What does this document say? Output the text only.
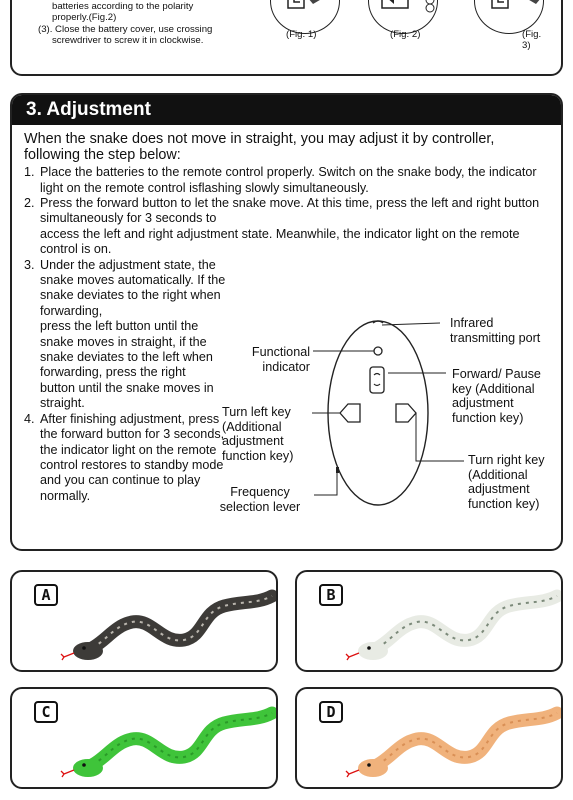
batteries according to the polarity
properly.(Fig.2)
(3). Close the battery cover, use crossing
screwdriver to screw it in clockwise.
(Fig. 1)	(Fig. 2)	(Fig. 3)
3. Adjustment

When the snake does not move in straight, you may adjust it by controller, following the step below:

1. Place the batteries to the remote control properly. Switch on the snake body, the indicator light on the remote control isflashing slowly simultaneously.
2. Press the forward button to let the snake move. At this time, press the left and right button simultaneously for 3 seconds to
access the left and right adjustment state. Meanwhile, the indicator light on the remote control is on.
3. Under the adjustment state, the snake moves automatically. If the snake deviates to the right when forwarding,
press the left button until the snake moves in straight, if the snake deviates to the left when forwarding, press the right button until the snake moves in straight.
4. After finishing adjustment, press the forward button for 3 seconds, the indicator light on the remote control restores to standby mode and you can continue to play normally.
Infrared transmitting port
Functional indicator
Forward/ Pause key (Additional adjustment function key)
Turn left key (Additional adjustment function key)	Turn right key (Additional adjustment function key)
Frequency selection lever
A	B
C	D
